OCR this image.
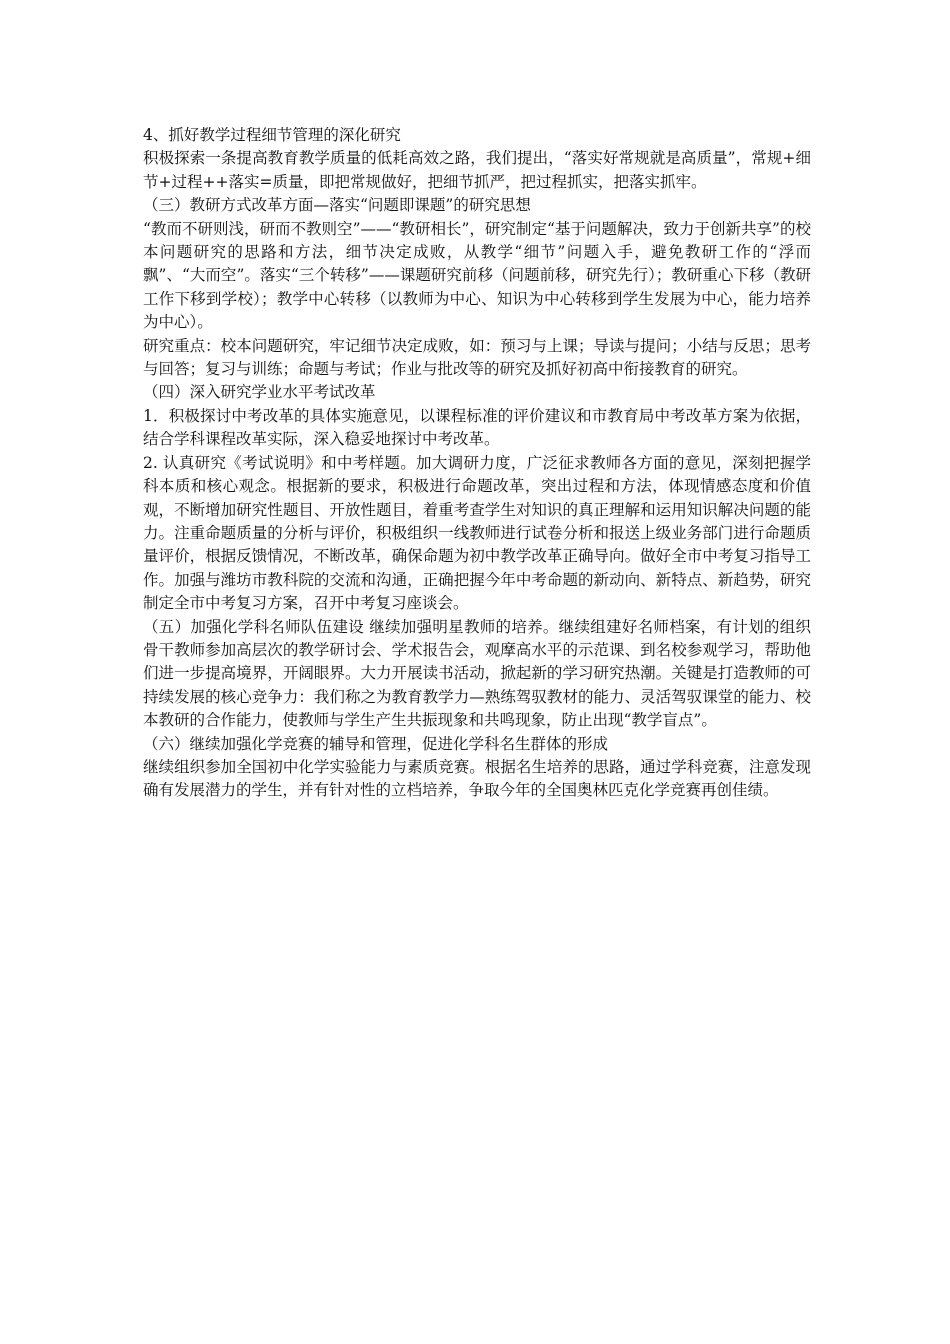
4、抓好教学过程细节管理的深化研究

积极探索一条提高教育教学质量的低耗高效之路，我们提出，“落实好常规就是高质量”，常规+细节+过程++落实=质量，即把常规做好，把细节抓严，把过程抓实，把落实抓牢。

（三）教研方式改革方面—落实“问题即课题”的研究思想

“教而不研则浅，研而不教则空”——“教研相长”，研究制定“基于问题解决，致力于创新共享”的校本问题研究的思路和方法，细节决定成败，从教学“细节”问题入手，避免教研工作的“浮而飘”、“大而空”。落实“三个转移”——课题研究前移（问题前移，研究先行）；教研重心下移（教研工作下移到学校）；教学中心转移（以教师为中心、知识为中心转移到学生发展为中心，能力培养为中心）。

研究重点：校本问题研究，牢记细节决定成败，如：预习与上课；导读与提问；小结与反思；思考与回答；复习与训练；命题与考试；作业与批改等的研究及抓好初高中衔接教育的研究。

（四）深入研究学业水平考试改革

1．积极探讨中考改革的具体实施意见，以课程标准的评价建议和市教育局中考改革方案为依据，结合学科课程改革实际，深入稳妥地探讨中考改革。

2. 认真研究《考试说明》和中考样题。加大调研力度，广泛征求教师各方面的意见，深刻把握学科本质和核心观念。根据新的要求，积极进行命题改革，突出过程和方法，体现情感态度和价值观，不断增加研究性题目、开放性题目，着重考查学生对知识的真正理解和运用知识解决问题的能力。注重命题质量的分析与评价，积极组织一线教师进行试卷分析和报送上级业务部门进行命题质量评价，根据反馈情况，不断改革，确保命题为初中教学改革正确导向。做好全市中考复习指导工作。加强与潍坊市教科院的交流和沟通，正确把握今年中考命题的新动向、新特点、新趋势，研究制定全市中考复习方案，召开中考复习座谈会。

（五）加强化学科名师队伍建设 继续加强明星教师的培养。继续组建好名师档案，有计划的组织骨干教师参加高层次的教学研讨会、学术报告会，观摩高水平的示范课、到名校参观学习，帮助他们进一步提高境界，开阔眼界。大力开展读书活动，掀起新的学习研究热潮。关键是打造教师的可持续发展的核心竞争力：我们称之为教育教学力—熟练驾驭教材的能力、灵活驾驭课堂的能力、校本教研的合作能力，使教师与学生产生共振现象和共鸣现象，防止出现“教学盲点”。

（六）继续加强化学竞赛的辅导和管理，促进化学科名生群体的形成

继续组织参加全国初中化学实验能力与素质竞赛。根据名生培养的思路，通过学科竞赛，注意发现确有发展潜力的学生，并有针对性的立档培养，争取今年的全国奥林匹克化学竞赛再创佳绩。
